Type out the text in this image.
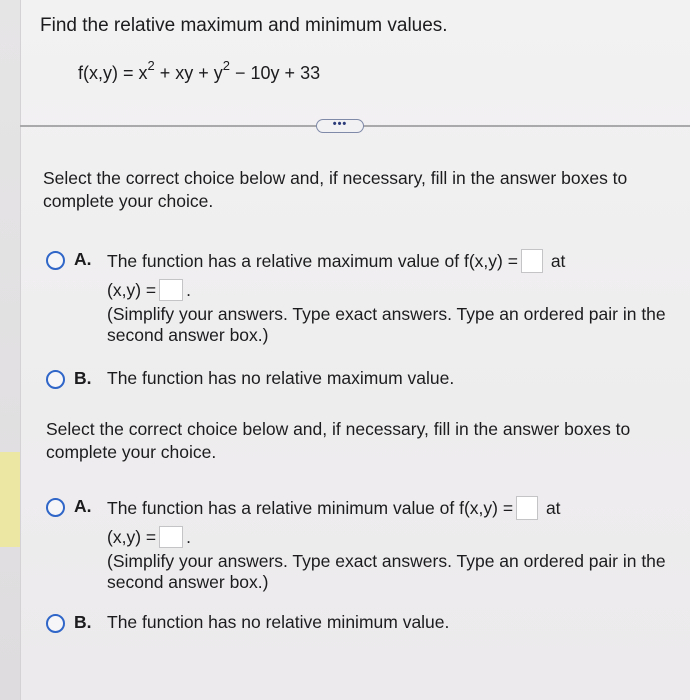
Find the relative maximum and minimum values.
$f(x,y) = x^2$ + xy + $y^2 - 10y + 33$
•••
Select the correct choice below and, if necessary, fill in the answer boxes to complete your choice.
A. The function has a relative maximum value of f(x,y) = at
(x,y) = .
(Simplify your answers. Type exact answers. Type an ordered pair in the second answer box.)
B. The function has no relative maximum value.
Select the correct choice below and, if necessary, fill in the answer boxes to complete your choice.
A. The function has a relative minimum value of f(x,y) = at
(x,y) = .
(Simplify your answers. Type exact answers. Type an ordered pair in the second answer box.)
B. The function has no relative minimum value.
